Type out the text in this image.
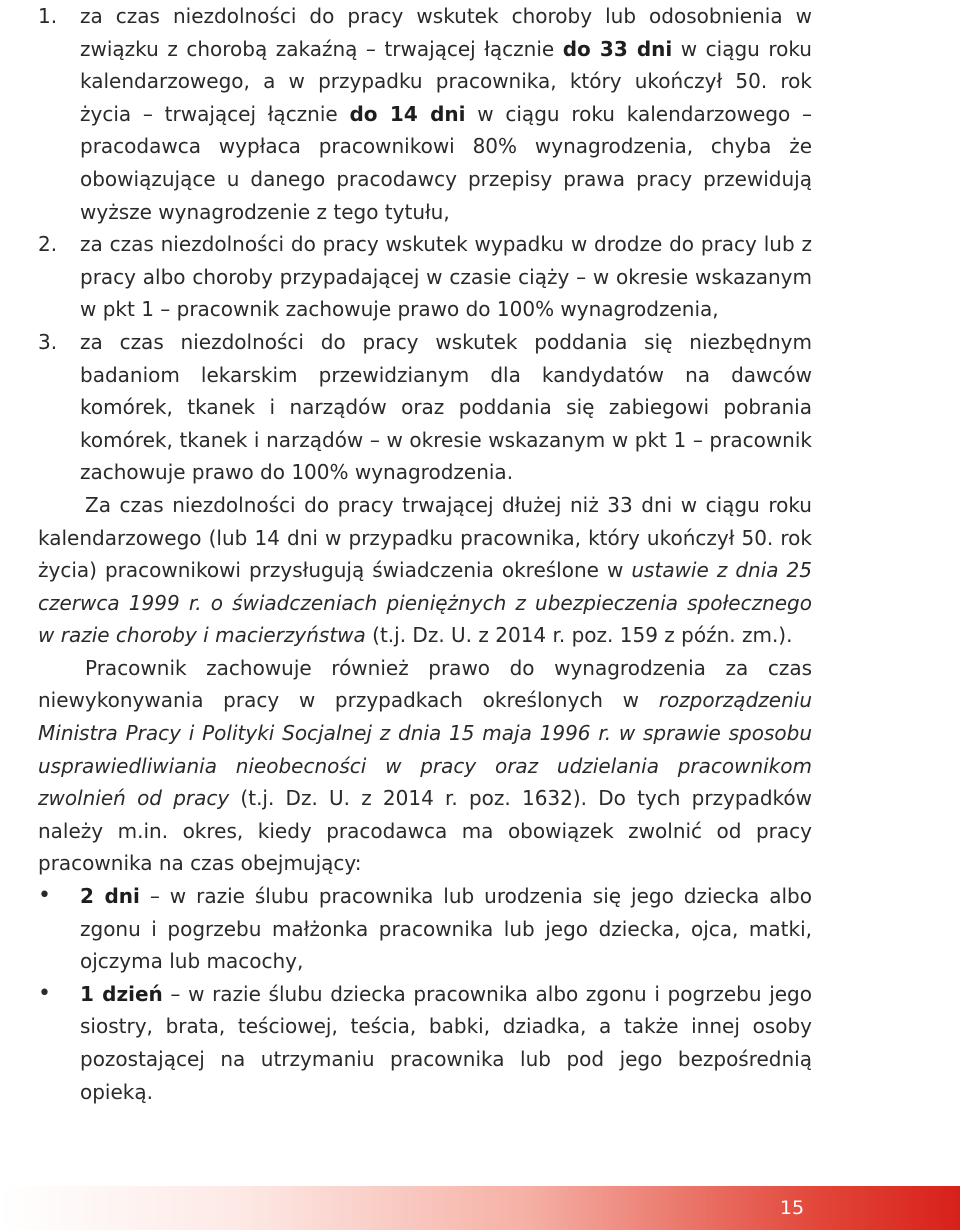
1.	za czas niezdolności do pracy wskutek choroby lub odosobnienia w związku z chorobą zakaźną – trwającej łącznie do 33 dni w ciągu roku kalendarzowego, a w przypadku pracownika, który ukończył 50. rok życia – trwającej łącznie do 14 dni w ciągu roku kalendarzowego – pracodawca wypłaca pracownikowi 80% wynagrodzenia, chyba że obowiązujące u danego pracodawcy przepisy prawa pracy przewidują wyższe wynagrodzenie z tego tytułu,
2.	za czas niezdolności do pracy wskutek wypadku w drodze do pracy lub z pracy albo choroby przypadającej w czasie ciąży – w okresie wskazanym w pkt 1 – pracownik zachowuje prawo do 100% wynagrodzenia,
3.	za czas niezdolności do pracy wskutek poddania się niezbędnym badaniom lekarskim przewidzianym dla kandydatów na dawców komórek, tkanek i narządów oraz poddania się zabiegowi pobrania komórek, tkanek i narządów – w okresie wskazanym w pkt 1 – pracownik zachowuje prawo do 100% wynagrodzenia.

Za czas niezdolności do pracy trwającej dłużej niż 33 dni w ciągu roku kalendarzowego (lub 14 dni w przypadku pracownika, który ukończył 50. rok życia) pracownikowi przysługują świadczenia określone w ustawie z dnia 25 czerwca 1999 r. o świadczeniach pieniężnych z ubezpieczenia społecznego w razie choroby i macierzyństwa (t.j. Dz. U. z 2014 r. poz. 159 z późn. zm.).

Pracownik zachowuje również prawo do wynagrodzenia za czas niewykonywania pracy w przypadkach określonych w rozporządzeniu Ministra Pracy i Polityki Socjalnej z dnia 15 maja 1996 r. w sprawie sposobu usprawiedliwiania nieobecności w pracy oraz udzielania pracownikom zwolnień od pracy (t.j. Dz. U. z 2014 r. poz. 1632). Do tych przypadków należy m.in. okres, kiedy pracodawca ma obowiązek zwolnić od pracy pracownika na czas obejmujący:

•	2 dni – w razie ślubu pracownika lub urodzenia się jego dziecka albo zgonu i pogrzebu małżonka pracownika lub jego dziecka, ojca, matki, ojczyma lub macochy,
•	1 dzień – w razie ślubu dziecka pracownika albo zgonu i pogrzebu jego siostry, brata, teściowej, teścia, babki, dziadka, a także innej osoby pozostającej na utrzymaniu pracownika lub pod jego bezpośrednią opieką.
15
